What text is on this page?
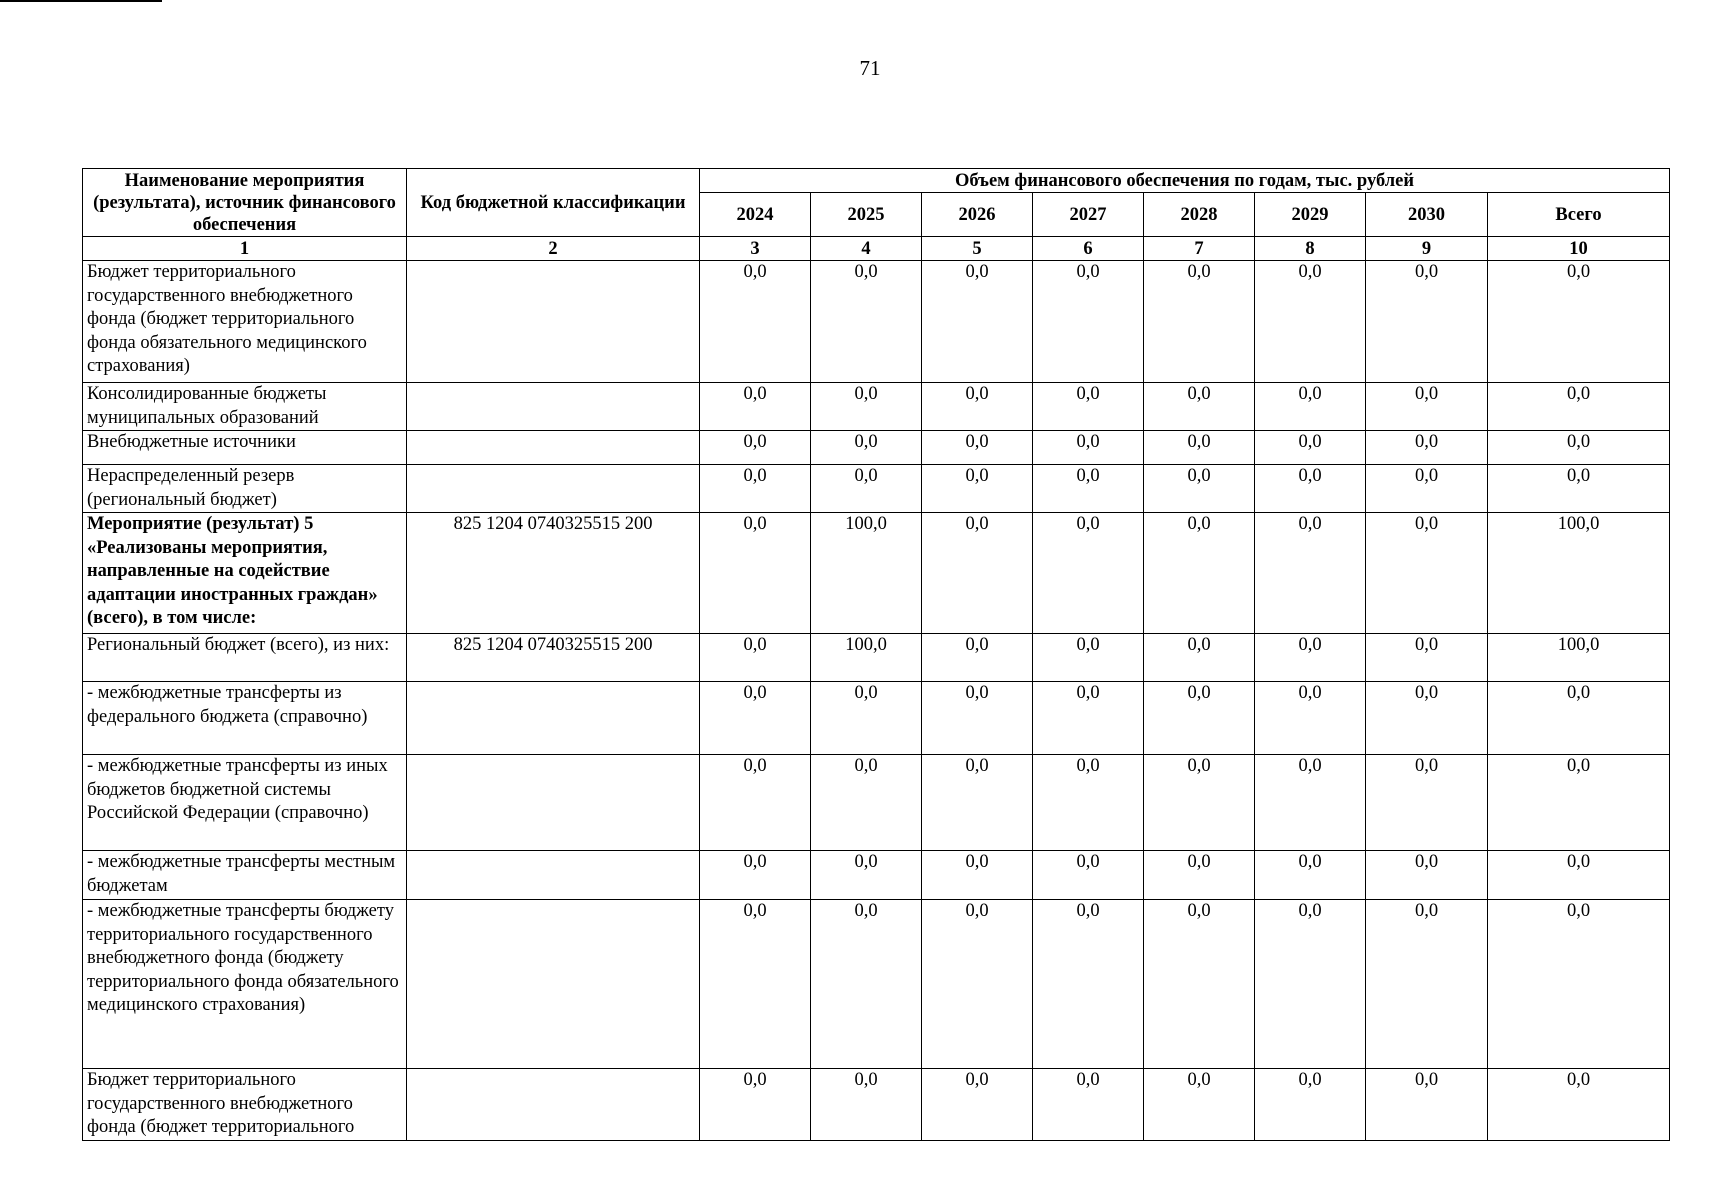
71
Наименование мероприятия (результата), источник финансового обеспечения	Код бюджетной классификации	Объем финансового обеспечения по годам, тыс. рублей							
		2024	2025	2026	2027	2028	2029	2030	Всего
1	2	3	4	5	6	7	8	9	10
Бюджет территориального государственного внебюджетного фонда (бюджет территориального фонда обязательного медицинского страхования)		0,0	0,0	0,0	0,0	0,0	0,0	0,0	0,0
Консолидированные бюджеты муниципальных образований		0,0	0,0	0,0	0,0	0,0	0,0	0,0	0,0
Внебюджетные источники		0,0	0,0	0,0	0,0	0,0	0,0	0,0	0,0
Нераспределенный резерв (региональный бюджет)		0,0	0,0	0,0	0,0	0,0	0,0	0,0	0,0
Мероприятие (результат) 5 «Реализованы мероприятия, направленные на содействие адаптации иностранных граждан» (всего), в том числе:	825 1204 0740325515 200	0,0	100,0	0,0	0,0	0,0	0,0	0,0	100,0
Региональный бюджет (всего), из них:	825 1204 0740325515 200	0,0	100,0	0,0	0,0	0,0	0,0	0,0	100,0
- межбюджетные трансферты из федерального бюджета (справочно)		0,0	0,0	0,0	0,0	0,0	0,0	0,0	0,0
- межбюджетные трансферты из иных бюджетов бюджетной системы Российской Федерации (справочно)		0,0	0,0	0,0	0,0	0,0	0,0	0,0	0,0
- межбюджетные трансферты местным бюджетам		0,0	0,0	0,0	0,0	0,0	0,0	0,0	0,0
- межбюджетные трансферты бюджету территориального государственного внебюджетного фонда (бюджету территориального фонда обязательного медицинского страхования)		0,0	0,0	0,0	0,0	0,0	0,0	0,0	0,0
Бюджет территориального государственного внебюджетного фонда (бюджет территориального		0,0	0,0	0,0	0,0	0,0	0,0	0,0	0,0
